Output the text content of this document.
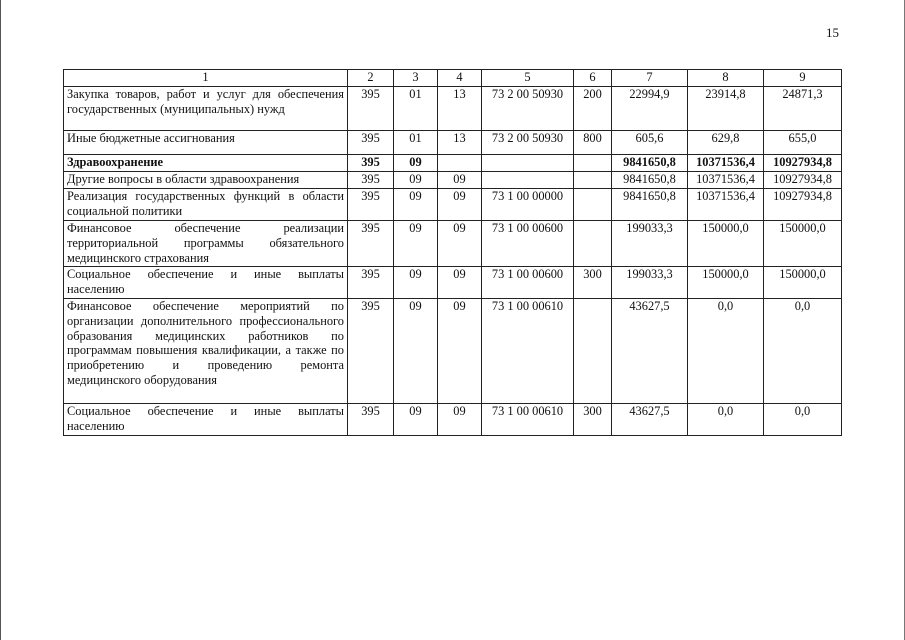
15
1	2	3	4	5	6	7	8	9
Закупка товаров, работ и услуг для обеспечения государственных (муниципальных) нужд	395	01	13	73 2 00 50930	200	22994,9	23914,8	24871,3
Иные бюджетные ассигнования	395	01	13	73 2 00 50930	800	605,6	629,8	655,0
Здравоохранение	395	09				9841650,8	10371536,4	10927934,8
Другие вопросы в области здравоохранения	395	09	09			9841650,8	10371536,4	10927934,8
Реализация государственных функций в области социальной политики	395	09	09	73 1 00 00000		9841650,8	10371536,4	10927934,8
Финансовое обеспечение реализации территориальной программы обязательного медицинского страхования	395	09	09	73 1 00 00600		199033,3	150000,0	150000,0
Социальное обеспечение и иные выплаты населению	395	09	09	73 1 00 00600	300	199033,3	150000,0	150000,0
Финансовое обеспечение мероприятий по организации дополнительного профессионального образования медицинских работников по программам повышения квалификации, а также по приобретению и проведению ремонта медицинского оборудования	395	09	09	73 1 00 00610		43627,5	0,0	0,0
Социальное обеспечение и иные выплаты населению	395	09	09	73 1 00 00610	300	43627,5	0,0	0,0
